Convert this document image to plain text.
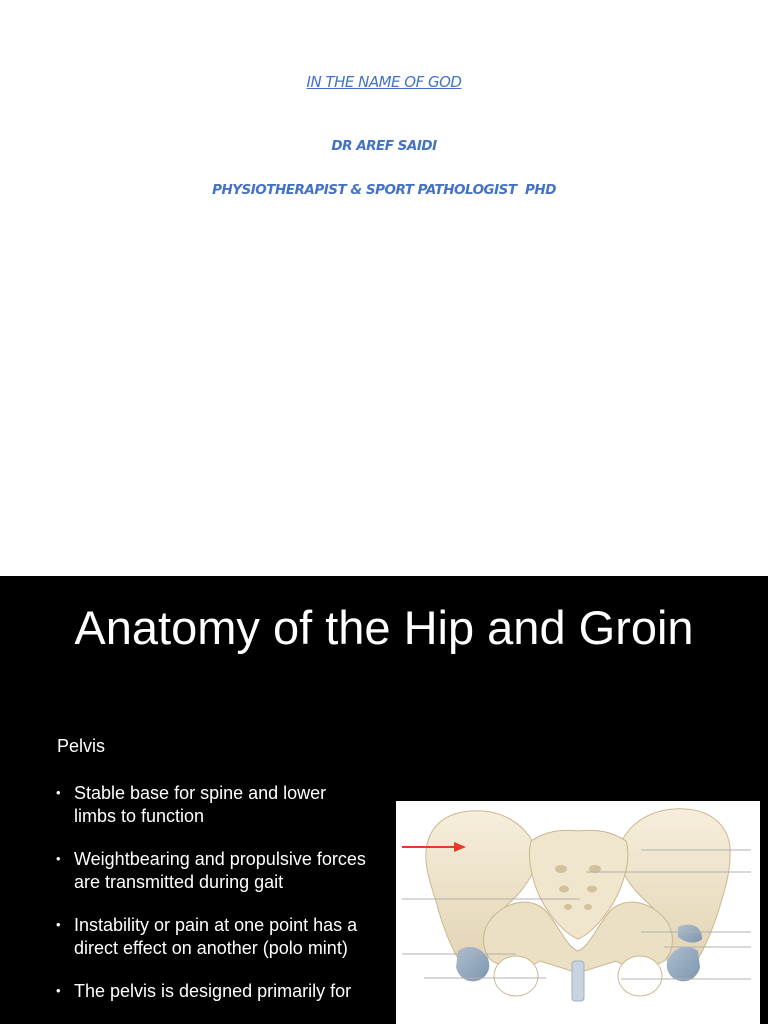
IN THE NAME OF GOD
DR AREF SAIDI
PHYSIOTHERAPIST & SPORT PATHOLOGIST  PHD
Anatomy of the Hip and Groin
Pelvis
• Stable base for spine and lower limbs to function
• Weightbearing and propulsive forces are transmitted during gait
• Instability or pain at one point has a direct effect on another (polo mint)
• The pelvis is designed primarily for
